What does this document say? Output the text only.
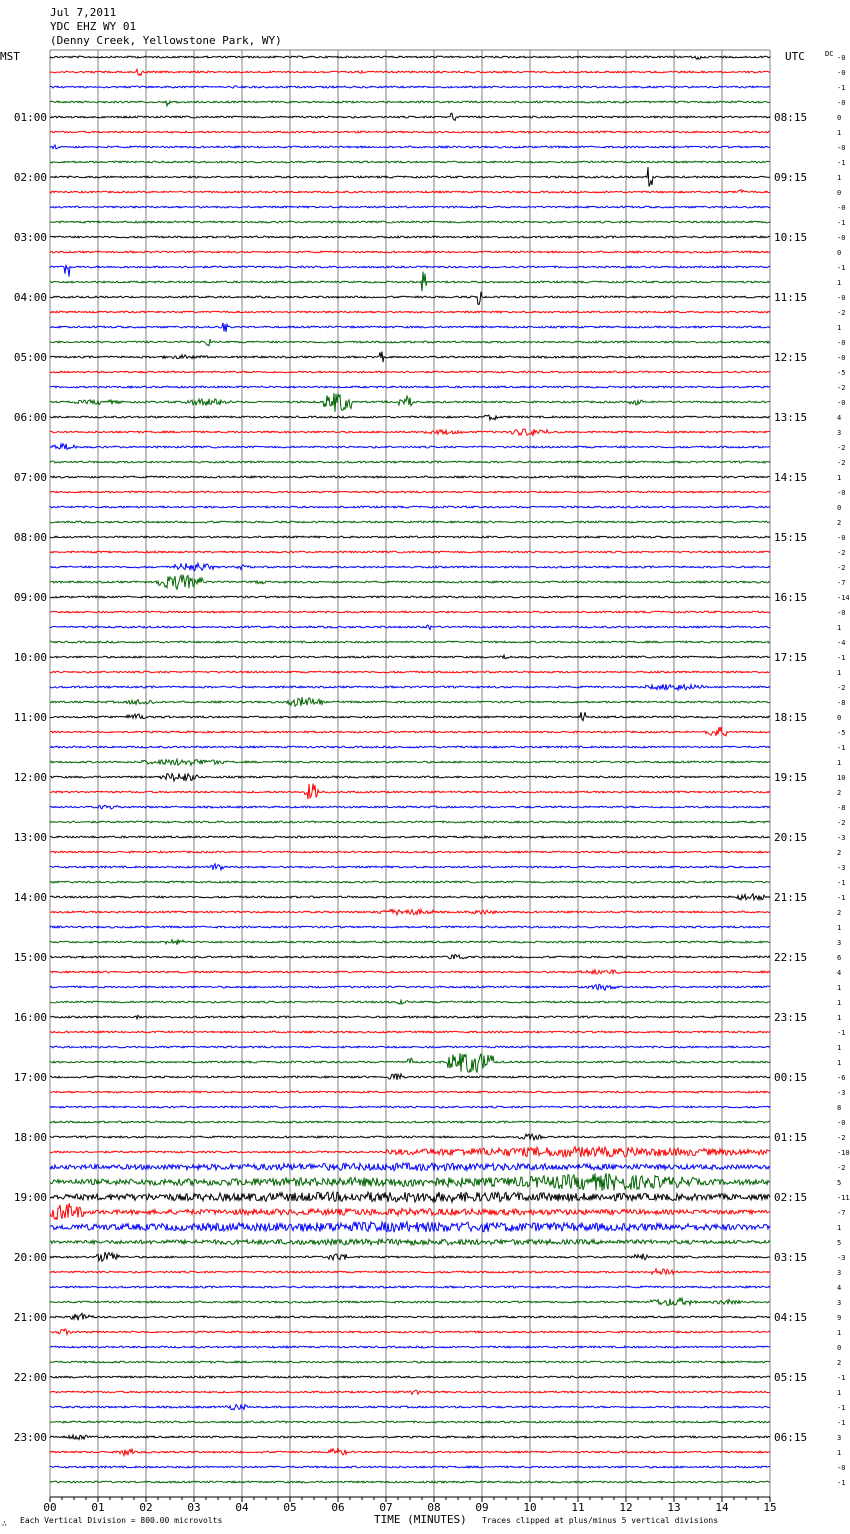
Jul 7,2011
YDC EHZ WY 01
(Denny Creek, Yellowstone Park, WY)
MST	UTC	DC
00	01	02	03	04	05	06	07	08	09	10	11	12	13	14	15
01:00
02:00
03:00
04:00
05:00
06:00
07:00
08:00
09:00
10:00
11:00
12:00
13:00
14:00
15:00
16:00
17:00
18:00
19:00
20:00
21:00
22:00
23:00
08:15
09:15
10:15
11:15
12:15
13:15
14:15
15:15
16:15
17:15
18:15
19:15
20:15
21:15
22:15
23:15
00:15
01:15
02:15
03:15
04:15
05:15
06:15
-0
-0
-1
-0
0
1
-0
-1
1
0
-0
-1
-0
0
-1
1
-0
-2
1
-0
-0
-5
-2
-0
4
3
-2
-2
1
-0
0
2
-0
-2
-2
-7
-14
-0
1
-4
-1
1
-2
-8
0
-5
-1
1
10
2
-8
-2
-3
2
-3
-1
-1
2
1
3
6
4
1
1
1
-1
1
1
-6
-3
8
-0
-2
-10
-2
5
-11
-7
1
5
-3
3
4
3
9
1
0
2
-1
1
-1
-1
3
1
-0
-1
TIME (MINUTES)
Each Vertical Division = 800.00 microvolts	Traces clipped at plus/minus 5 vertical divisions
∴
